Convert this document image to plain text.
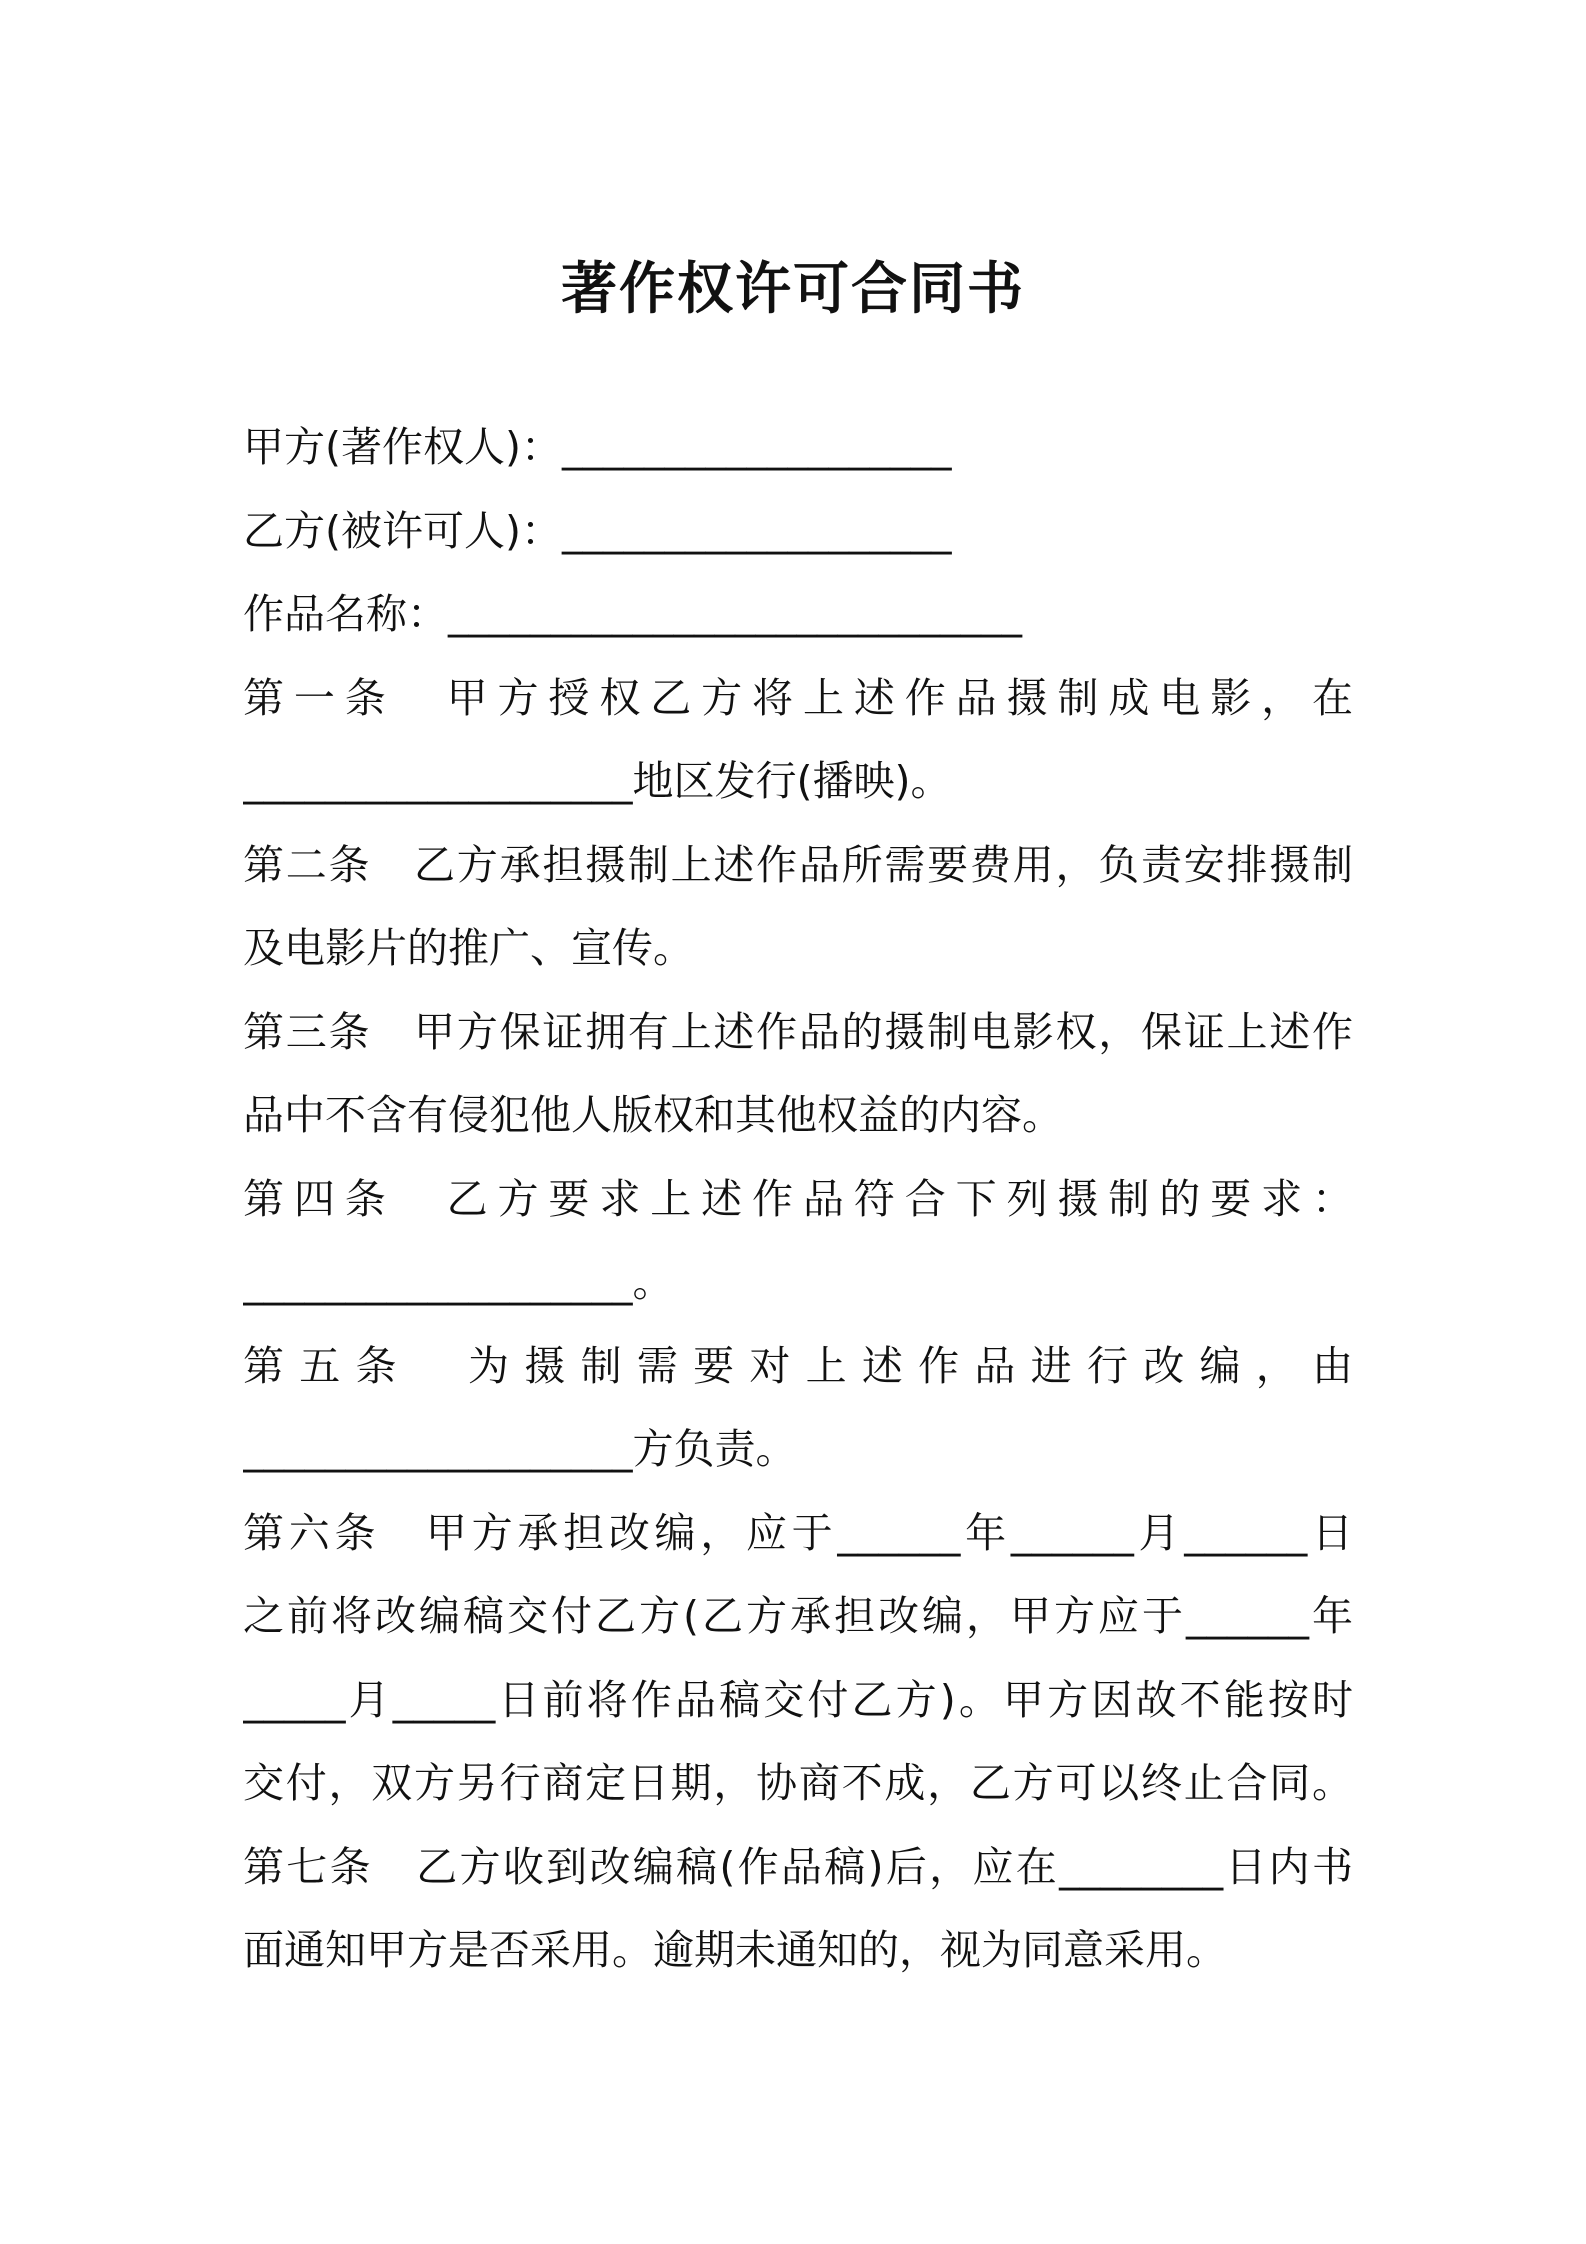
著作权许可合同书
甲方(著作权人)：___________________
乙方(被许可人)：___________________
作品名称：____________________________
第一条　甲方授权乙方将上述作品摄制成电影，在
___________________地区发行(播映)。
第二条　乙方承担摄制上述作品所需要费用，负责安排摄制
及电影片的推广、宣传。
第三条　甲方保证拥有上述作品的摄制电影权，保证上述作
品中不含有侵犯他人版权和其他权益的内容。
第四条　乙方要求上述作品符合下列摄制的要求：
___________________。
第五条　为摄制需要对上述作品进行改编，由
___________________方负责。
第六条　甲方承担改编，应于______年______月______日
之前将改编稿交付乙方(乙方承担改编，甲方应于______年
_____月_____日前将作品稿交付乙方)。甲方因故不能按时
交付，双方另行商定日期，协商不成，乙方可以终止合同。
第七条　乙方收到改编稿(作品稿)后，应在________日内书
面通知甲方是否采用。逾期未通知的，视为同意采用。
